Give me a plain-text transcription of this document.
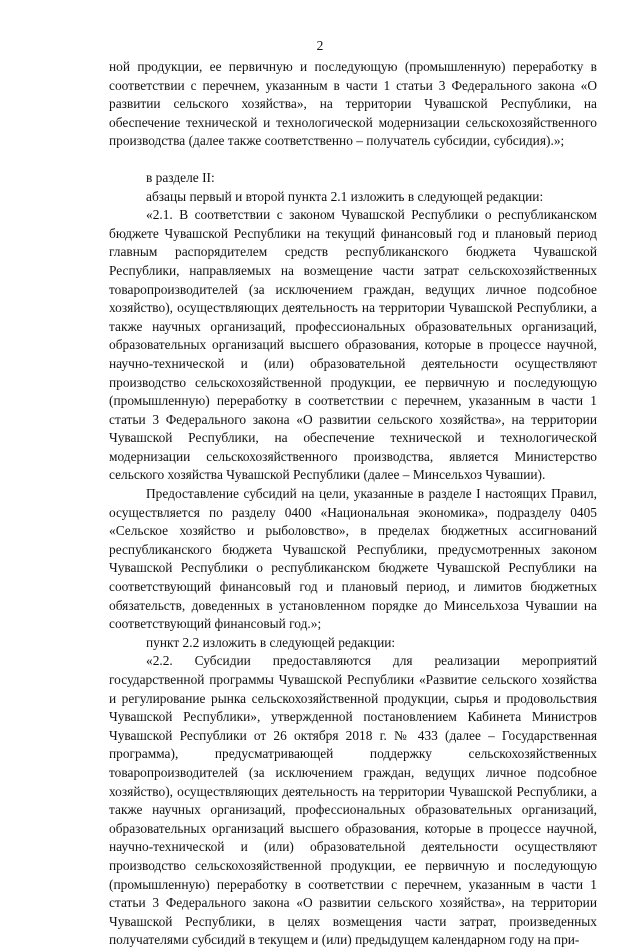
2

ной продукции, ее первичную и последующую (промышленную) переработку в соответствии с перечнем, указанным в части 1 статьи 3 Федерального закона «О развитии сельского хозяйства», на территории Чувашской Республики, на обеспечение технической и технологической модернизации сельскохозяйственного производства (далее также соответственно – получатель субсидии, субсидия).»;

в разделе II:

абзацы первый и второй пункта 2.1 изложить в следующей редакции:

«2.1. В соответствии с законом Чувашской Республики о республиканском бюджете Чувашской Республики на текущий финансовый год и плановый период главным распорядителем средств республиканского бюджета Чувашской Республики, направляемых на возмещение части затрат сельскохозяйственных товаропроизводителей (за исключением граждан, ведущих личное подсобное хозяйство), осуществляющих деятельность на территории Чувашской Республики, а также научных организаций, профессиональных образовательных организаций, образовательных организаций высшего образования, которые в процессе научной, научно-технической и (или) образовательной деятельности осуществляют производство сельскохозяйственной продукции, ее первичную и последующую (промышленную) переработку в соответствии с перечнем, указанным в части 1 статьи 3 Федерального закона «О развитии сельского хозяйства», на территории Чувашской Республики, на обеспечение технической и технологической модернизации сельскохозяйственного производства, является Министерство сельского хозяйства Чувашской Республики (далее – Минсельхоз Чувашии).

Предоставление субсидий на цели, указанные в разделе I настоящих Правил, осуществляется по разделу 0400 «Национальная экономика», подразделу 0405 «Сельское хозяйство и рыболовство», в пределах бюджетных ассигнований республиканского бюджета Чувашской Республики, предусмотренных законом Чувашской Республики о республиканском бюджете Чувашской Республики на соответствующий финансовый год и плановый период, и лимитов бюджетных обязательств, доведенных в установленном порядке до Минсельхоза Чувашии на соответствующий финансовый год.»;

пункт 2.2 изложить в следующей редакции:

«2.2. Субсидии предоставляются для реализации мероприятий государственной программы Чувашской Республики «Развитие сельского хозяйства и регулирование рынка сельскохозяйственной продукции, сырья и продовольствия Чувашской Республики», утвержденной постановлением Кабинета Министров Чувашской Республики от 26 октября 2018 г. № 433 (далее – Государственная программа), предусматривающей поддержку сельскохозяйственных товаропроизводителей (за исключением граждан, ведущих личное подсобное хозяйство), осуществляющих деятельность на территории Чувашской Республики, а также научных организаций, профессиональных образовательных организаций, образовательных организаций высшего образования, которые в процессе научной, научно-технической и (или) образовательной деятельности осуществляют производство сельскохозяйственной продукции, ее первичную и последующую (промышленную) переработку в соответствии с перечнем, указанным в части 1 статьи 3 Федерального закона «О развитии сельского хозяйства», на территории Чувашской Республики, в целях возмещения части затрат, произведенных получателями субсидий в текущем и (или) предыдущем календарном году на при-
